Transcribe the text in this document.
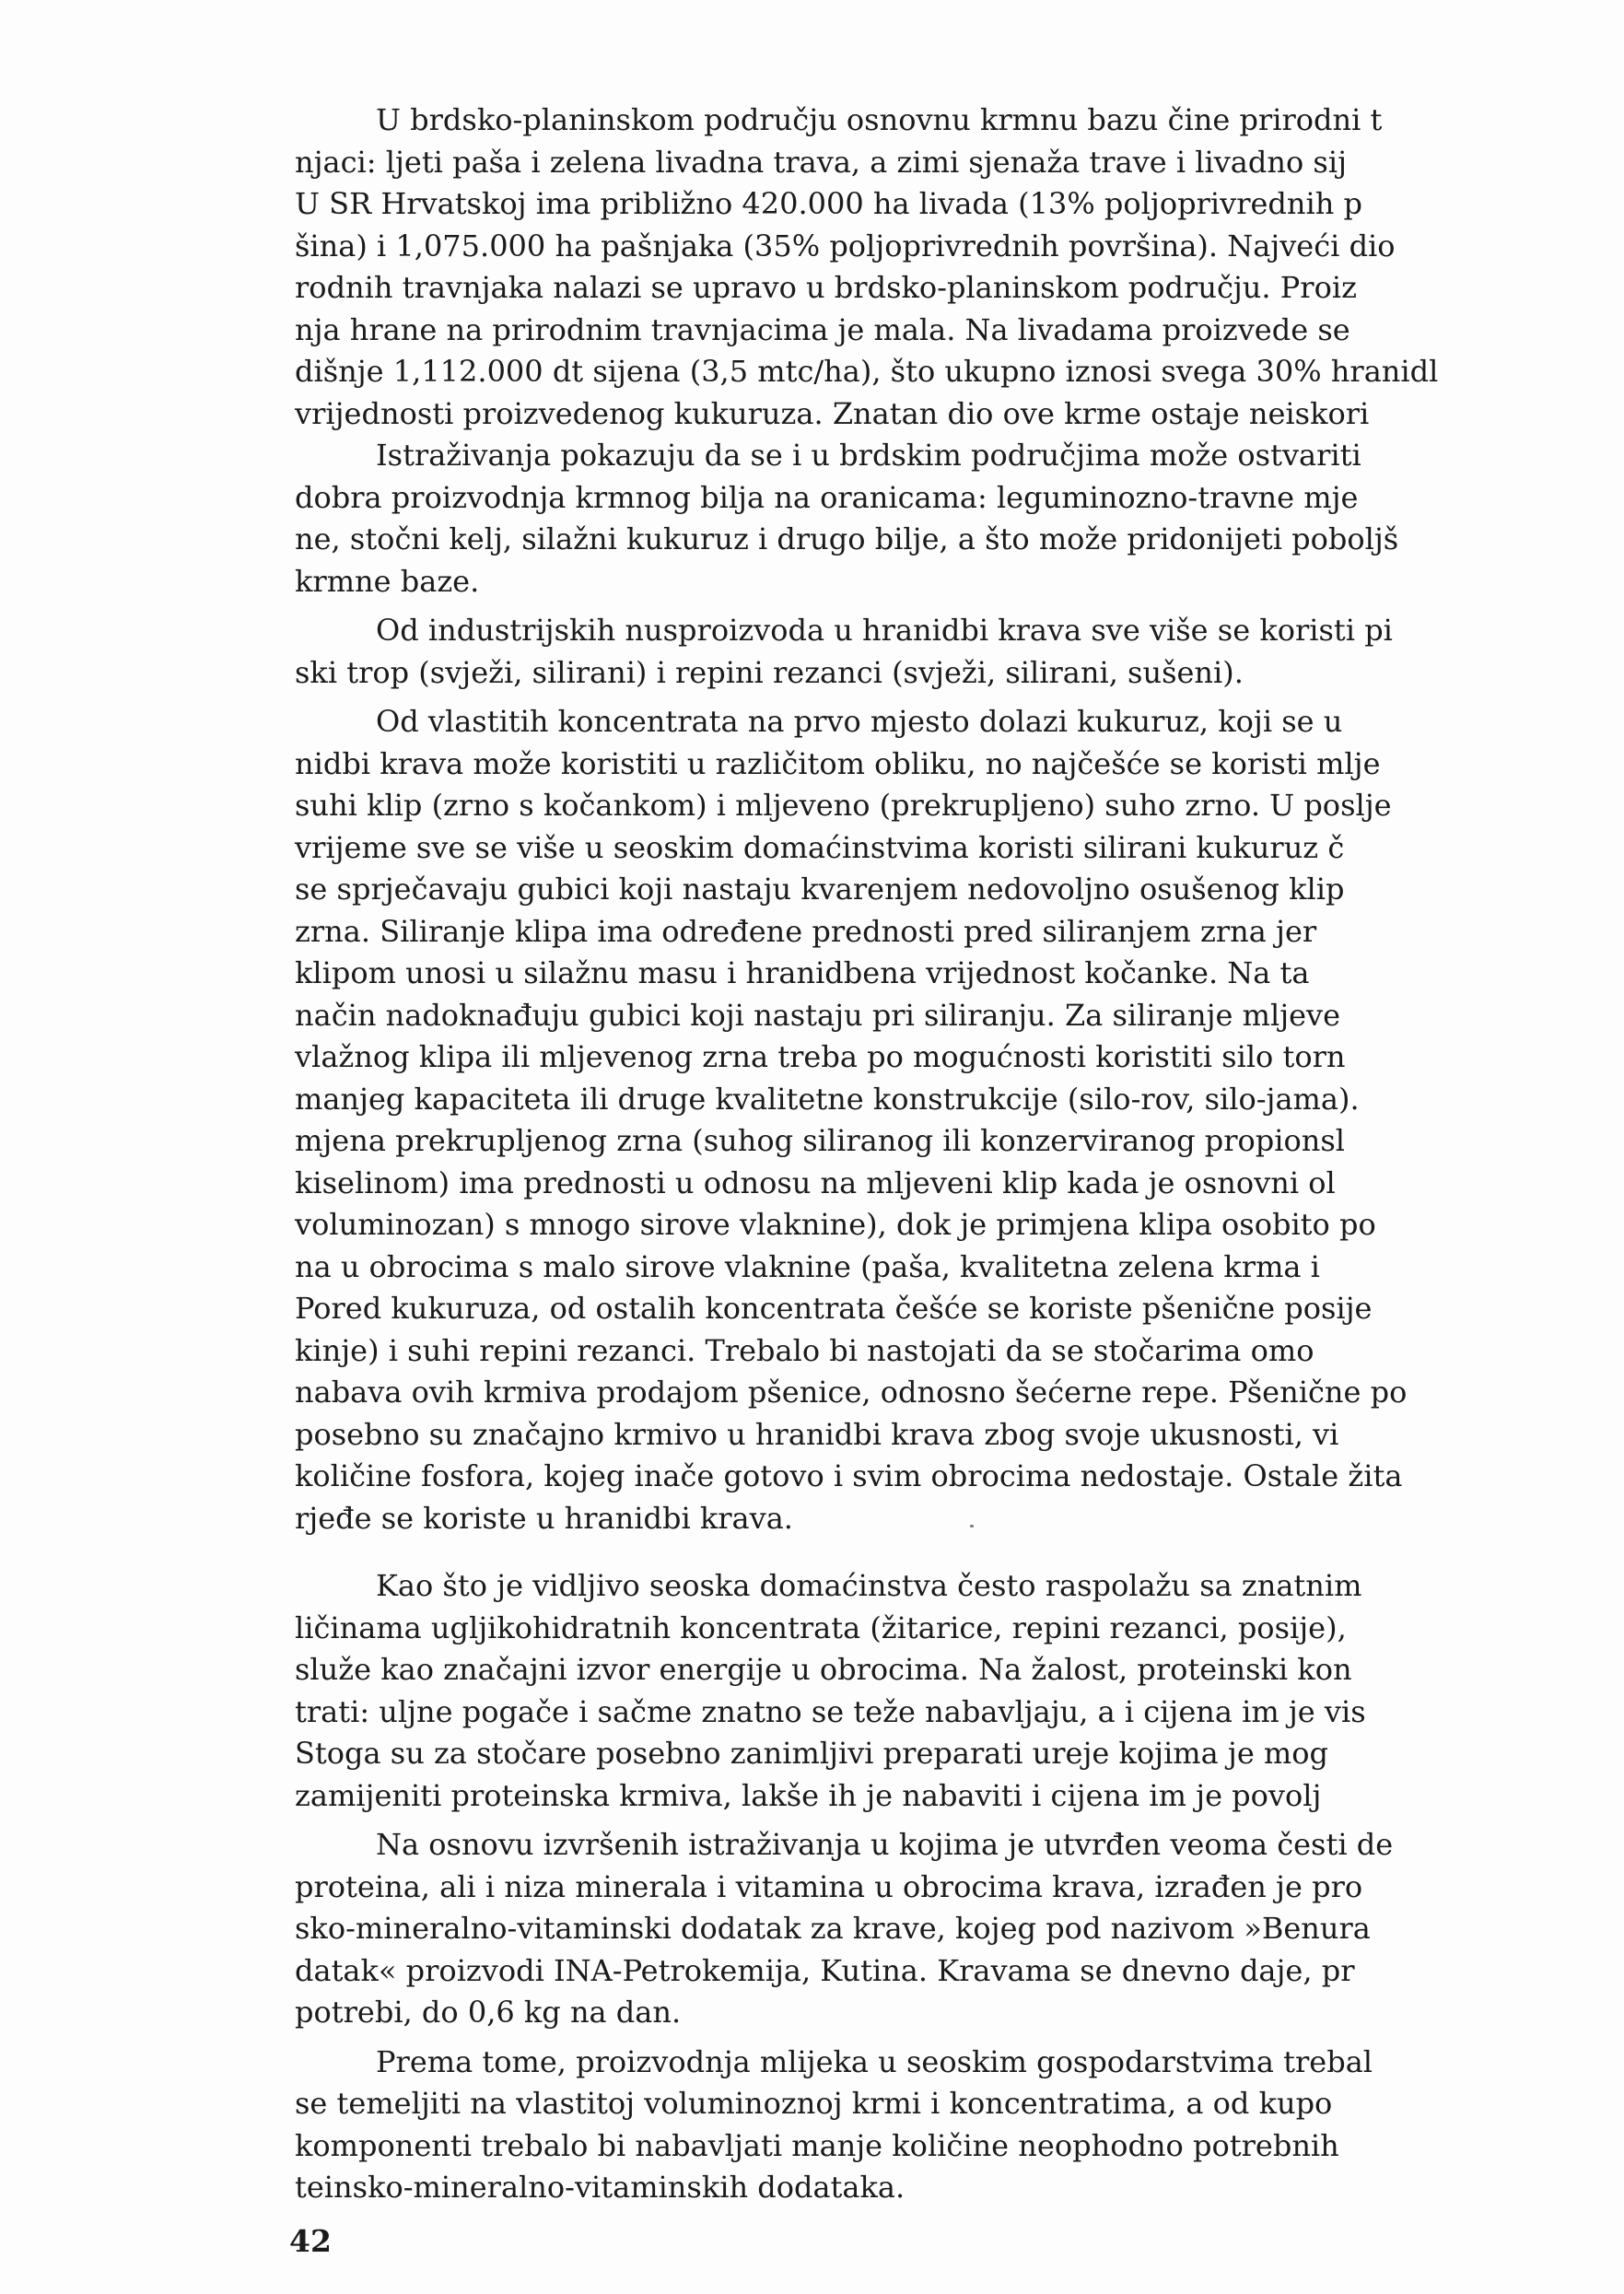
U brdsko-planinskom području osnovnu krmnu bazu čine prirodni t
njaci: ljeti paša i zelena livadna trava, a zimi sjenaža trave i livadno sij
U SR Hrvatskoj ima približno 420.000 ha livada (13% poljoprivrednih p
šina) i 1,075.000 ha pašnjaka (35% poljoprivrednih površina). Najveći dio
rodnih travnjaka nalazi se upravo u brdsko-planinskom području. Proiz
nja hrane na prirodnim travnjacima je mala. Na livadama proizvede se
dišnje 1,112.000 dt sijena (3,5 mtc/ha), što ukupno iznosi svega 30% hranidl
vrijednosti proizvedenog kukuruza. Znatan dio ove krme ostaje neiskori

Istraživanja pokazuju da se i u brdskim područjima može ostvariti
dobra proizvodnja krmnog bilja na oranicama: leguminozno-travne mje
ne, stočni kelj, silažni kukuruz i drugo bilje, a što može pridonijeti poboljš
krmne baze.

Od industrijskih nusproizvoda u hranidbi krava sve više se koristi pi
ski trop (svježi, silirani) i repini rezanci (svježi, silirani, sušeni).

Od vlastitih koncentrata na prvo mjesto dolazi kukuruz, koji se u
nidbi krava može koristiti u različitom obliku, no najčešće se koristi mlje
suhi klip (zrno s kočankom) i mljeveno (prekrupljeno) suho zrno. U poslje
vrijeme sve se više u seoskim domaćinstvima koristi silirani kukuruz č
se sprječavaju gubici koji nastaju kvarenjem nedovoljno osušenog klip
zrna. Siliranje klipa ima određene prednosti pred siliranjem zrna jer
klipom unosi u silažnu masu i hranidbena vrijednost kočanke. Na ta
način nadoknađuju gubici koji nastaju pri siliranju. Za siliranje mljeve
vlažnog klipa ili mljevenog zrna treba po mogućnosti koristiti silo torn
manjeg kapaciteta ili druge kvalitetne konstrukcije (silo-rov, silo-jama).
mjena prekrupljenog zrna (suhog siliranog ili konzerviranog propionsl
kiselinom) ima prednosti u odnosu na mljeveni klip kada je osnovni ol
voluminozan) s mnogo sirove vlaknine), dok je primjena klipa osobito po
na u obrocima s malo sirove vlaknine (paša, kvalitetna zelena krma i
Pored kukuruza, od ostalih koncentrata češće se koriste pšenične posije
kinje) i suhi repini rezanci. Trebalo bi nastojati da se stočarima omo
nabava ovih krmiva prodajom pšenice, odnosno šećerne repe. Pšenične po
posebno su značajno krmivo u hranidbi krava zbog svoje ukusnosti, vi
količine fosfora, kojeg inače gotovo i svim obrocima nedostaje. Ostale žita
rjeđe se koriste u hranidbi krava.

Kao što je vidljivo seoska domaćinstva često raspolažu sa znatnim
ličinama ugljikohidratnih koncentrata (žitarice, repini rezanci, posije),
služe kao značajni izvor energije u obrocima. Na žalost, proteinski kon
trati: uljne pogače i sačme znatno se teže nabavljaju, a i cijena im je vis
Stoga su za stočare posebno zanimljivi preparati ureje kojima je mog
zamijeniti proteinska krmiva, lakše ih je nabaviti i cijena im je povolj

Na osnovu izvršenih istraživanja u kojima je utvrđen veoma česti de
proteina, ali i niza minerala i vitamina u obrocima krava, izrađen je pro
sko-mineralno-vitaminski dodatak za krave, kojeg pod nazivom »Benura
datak« proizvodi INA-Petrokemija, Kutina. Kravama se dnevno daje, pr
potrebi, do 0,6 kg na dan.

Prema tome, proizvodnja mlijeka u seoskim gospodarstvima trebal
se temeljiti na vlastitoj voluminoznoj krmi i koncentratima, a od kupo
komponenti trebalo bi nabavljati manje količine neophodno potrebnih
teinsko-mineralno-vitaminskih dodataka.

42
